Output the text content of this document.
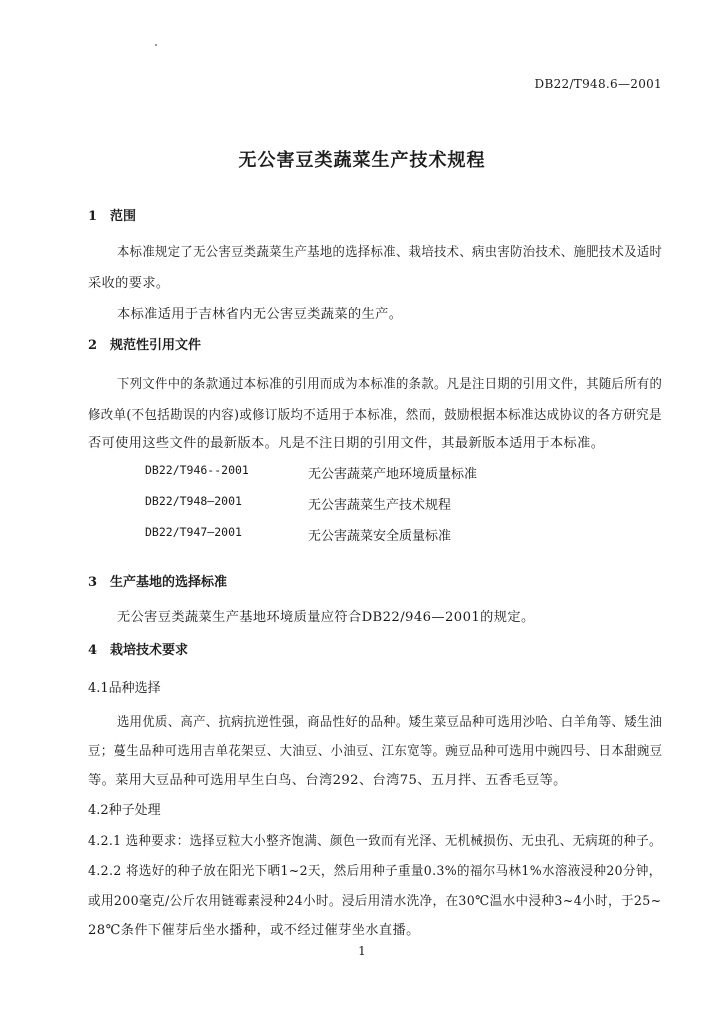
DB22/T948.6—2001
无公害豆类蔬菜生产技术规程
1 范围
本标准规定了无公害豆类蔬菜生产基地的选择标准、栽培技术、病虫害防治技术、施肥技术及适时
采收的要求。
本标准适用于吉林省内无公害豆类蔬菜的生产。
2 规范性引用文件
下列文件中的条款通过本标准的引用而成为本标准的条款。凡是注日期的引用文件，其随后所有的
修改单(不包括勘误的内容)或修订版均不适用于本标准，然而，鼓励根据本标准达成协议的各方研究是
否可使用这些文件的最新版本。凡是不注日期的引用文件，其最新版本适用于本标准。
DB22/T946--2001	无公害蔬菜产地环境质量标准
DB22/T948—2001	无公害蔬菜生产技术规程
DB22/T947—2001	无公害蔬菜安全质量标准
3 生产基地的选择标准
无公害豆类蔬菜生产基地环境质量应符合DB22/946—2001的规定。
4 栽培技术要求
4.1品种选择
选用优质、高产、抗病抗逆性强，商品性好的品种。矮生菜豆品种可选用沙哈、白羊角等、矮生油
豆；蔓生品种可选用吉单花架豆、大油豆、小油豆、江东宽等。豌豆品种可选用中豌四号、日本甜豌豆
等。菜用大豆品种可选用早生白鸟、台湾292、台湾75、五月拌、五香毛豆等。
4.2种子处理
4.2.1 选种要求：选择豆粒大小整齐饱满、颜色一致而有光泽、无机械损伤、无虫孔、无病斑的种子。
4.2.2 将选好的种子放在阳光下晒1~2天，然后用种子重量0.3%的福尔马林1%水溶液浸种20分钟，
或用200毫克/公斤农用链霉素浸种24小时。浸后用清水洗净，在30℃温水中浸种3~4小时，于25~
28℃条件下催芽后坐水播种，或不经过催芽坐水直播。
1
